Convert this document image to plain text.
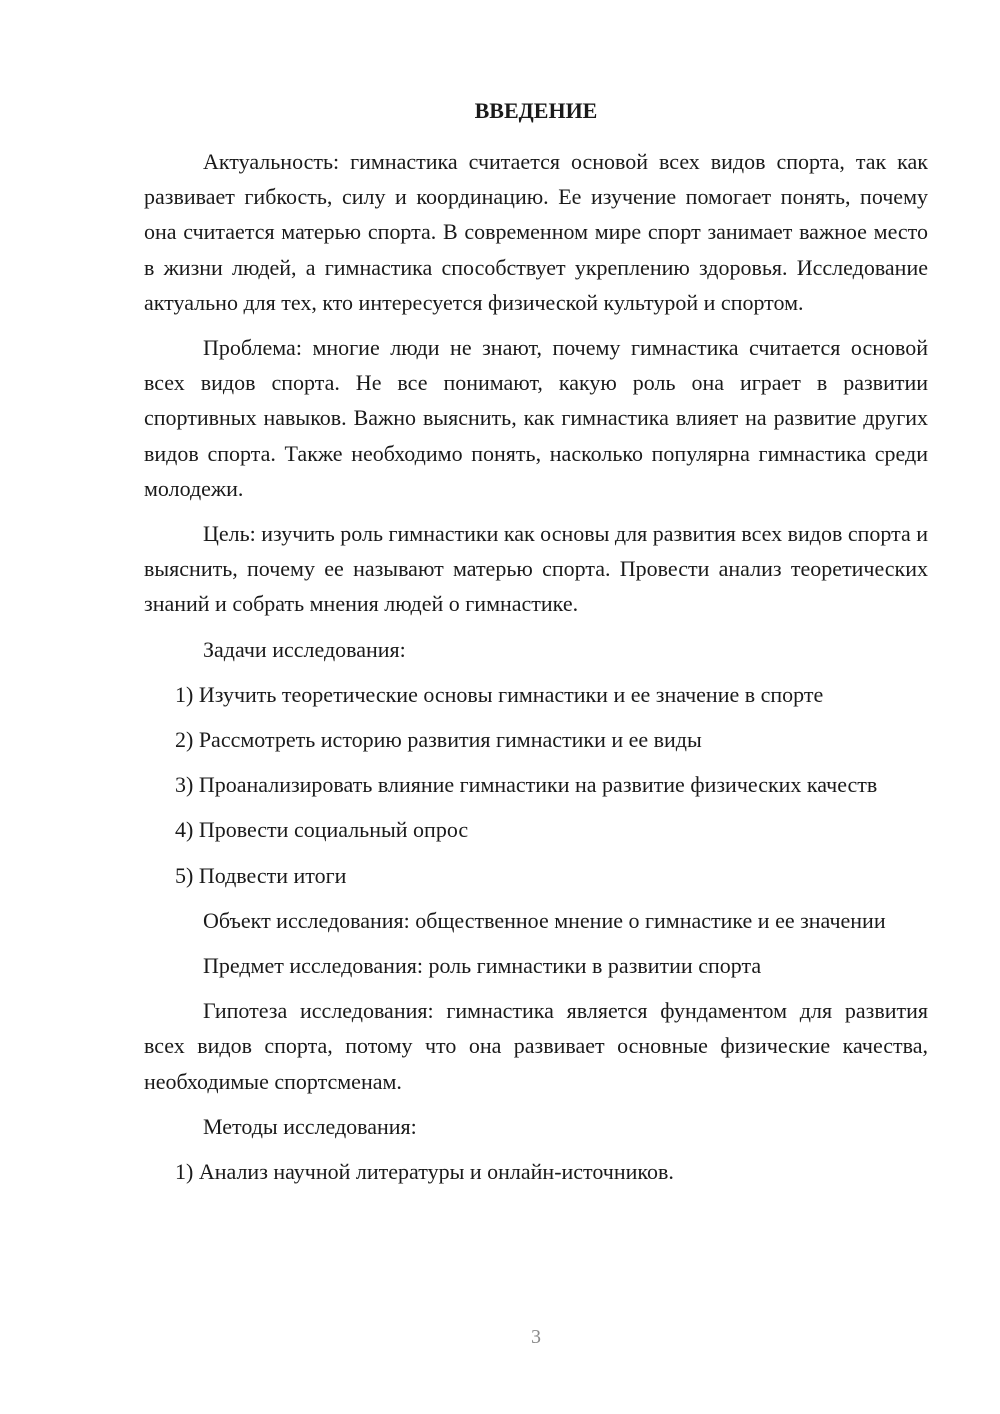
ВВЕДЕНИЕ

Актуальность: гимнастика считается основой всех видов спорта, так как развивает гибкость, силу и координацию. Ее изучение помогает понять, почему она считается матерью спорта. В современном мире спорт занимает важное место в жизни людей, а гимнастика способствует укреплению здоровья. Исследование актуально для тех, кто интересуется физической культурой и спортом.

Проблема: многие люди не знают, почему гимнастика считается основой всех видов спорта. Не все понимают, какую роль она играет в развитии спортивных навыков. Важно выяснить, как гимнастика влияет на развитие других видов спорта. Также необходимо понять, насколько популярна гимнастика среди молодежи.

Цель: изучить роль гимнастики как основы для развития всех видов спорта и выяснить, почему ее называют матерью спорта. Провести анализ теоретических знаний и собрать мнения людей о гимнастике.

Задачи исследования:

1) Изучить теоретические основы гимнастики и ее значение в спорте

2) Рассмотреть историю развития гимнастики и ее виды

3) Проанализировать влияние гимнастики на развитие физических качеств

4) Провести социальный опрос

5) Подвести итоги

Объект исследования: общественное мнение о гимнастике и ее значении

Предмет исследования: роль гимнастики в развитии спорта

Гипотеза исследования: гимнастика является фундаментом для развития всех видов спорта, потому что она развивает основные физические качества, необходимые спортсменам.

Методы исследования:

1) Анализ научной литературы и онлайн-источников.

3
